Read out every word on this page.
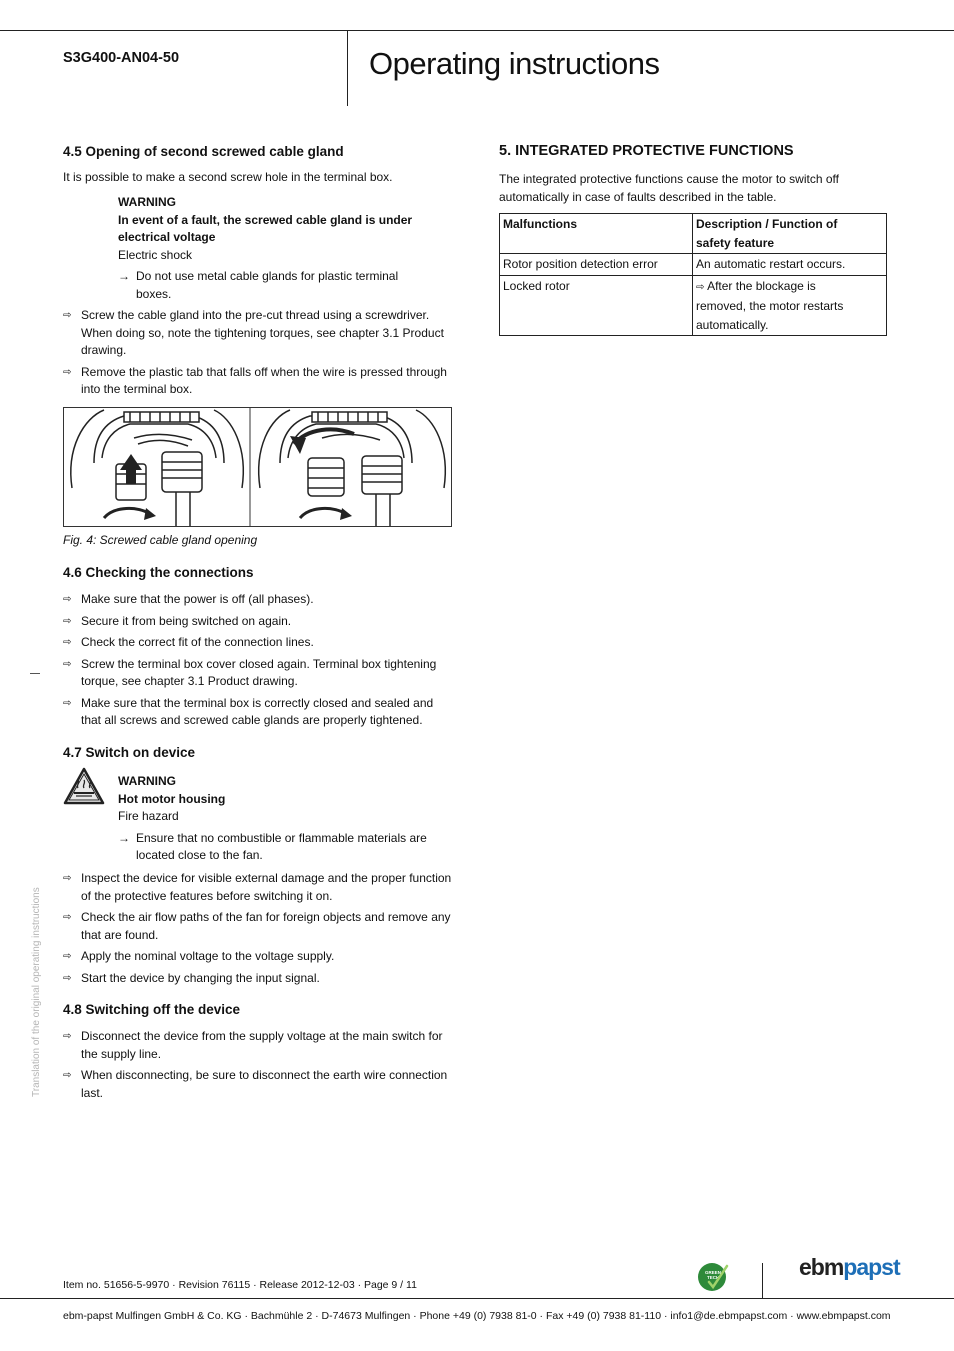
S3G400-AN04-50	Operating instructions
Translation of the original operating instructions
4.5 Opening of second screwed cable gland
It is possible to make a second screw hole in the terminal box.
WARNING
In event of a fault, the screwed cable gland is under
electrical voltage
Electric shock
→ Do not use metal cable glands for plastic terminal
boxes.
⇨ Screw the cable gland into the pre-cut thread using a screwdriver.
When doing so, note the tightening torques, see chapter 3.1 Product
drawing.
⇨ Remove the plastic tab that falls off when the wire is pressed through
into the terminal box.
Fig. 4: Screwed cable gland opening
4.6 Checking the connections
⇨ Make sure that the power is off (all phases).
⇨ Secure it from being switched on again.
⇨ Check the correct fit of the connection lines.
⇨ Screw the terminal box cover closed again. Terminal box tightening
torque, see chapter 3.1 Product drawing.
⇨ Make sure that the terminal box is correctly closed and sealed and
that all screws and screwed cable glands are properly tightened.
4.7 Switch on device
WARNING
Hot motor housing
Fire hazard
→ Ensure that no combustible or flammable materials are
located close to the fan.
⇨ Inspect the device for visible external damage and the proper function
of the protective features before switching it on.
⇨ Check the air flow paths of the fan for foreign objects and remove any
that are found.
⇨ Apply the nominal voltage to the voltage supply.
⇨ Start the device by changing the input signal.
4.8 Switching off the device
⇨ Disconnect the device from the supply voltage at the main switch for
the supply line.
⇨ When disconnecting, be sure to disconnect the earth wire connection
last.
5. INTEGRATED PROTECTIVE FUNCTIONS
The integrated protective functions cause the motor to switch off
automatically in case of faults described in the table.
Malfunctions	Description / Function of
safety feature

Rotor position detection error	An automatic restart occurs.
Locked rotor	⇨ After the blockage is
removed, the motor restarts
automatically.
Item no. 51656-5-9970 · Revision 76115 · Release 2012-12-03 · Page 9 / 11
GREEN
TECH	ebmpapst
ebm-papst Mulfingen GmbH & Co. KG · Bachmühle 2 · D-74673 Mulfingen · Phone +49 (0) 7938 81-0 · Fax +49 (0) 7938 81-110 · info1@de.ebmpapst.com · www.ebmpapst.com
